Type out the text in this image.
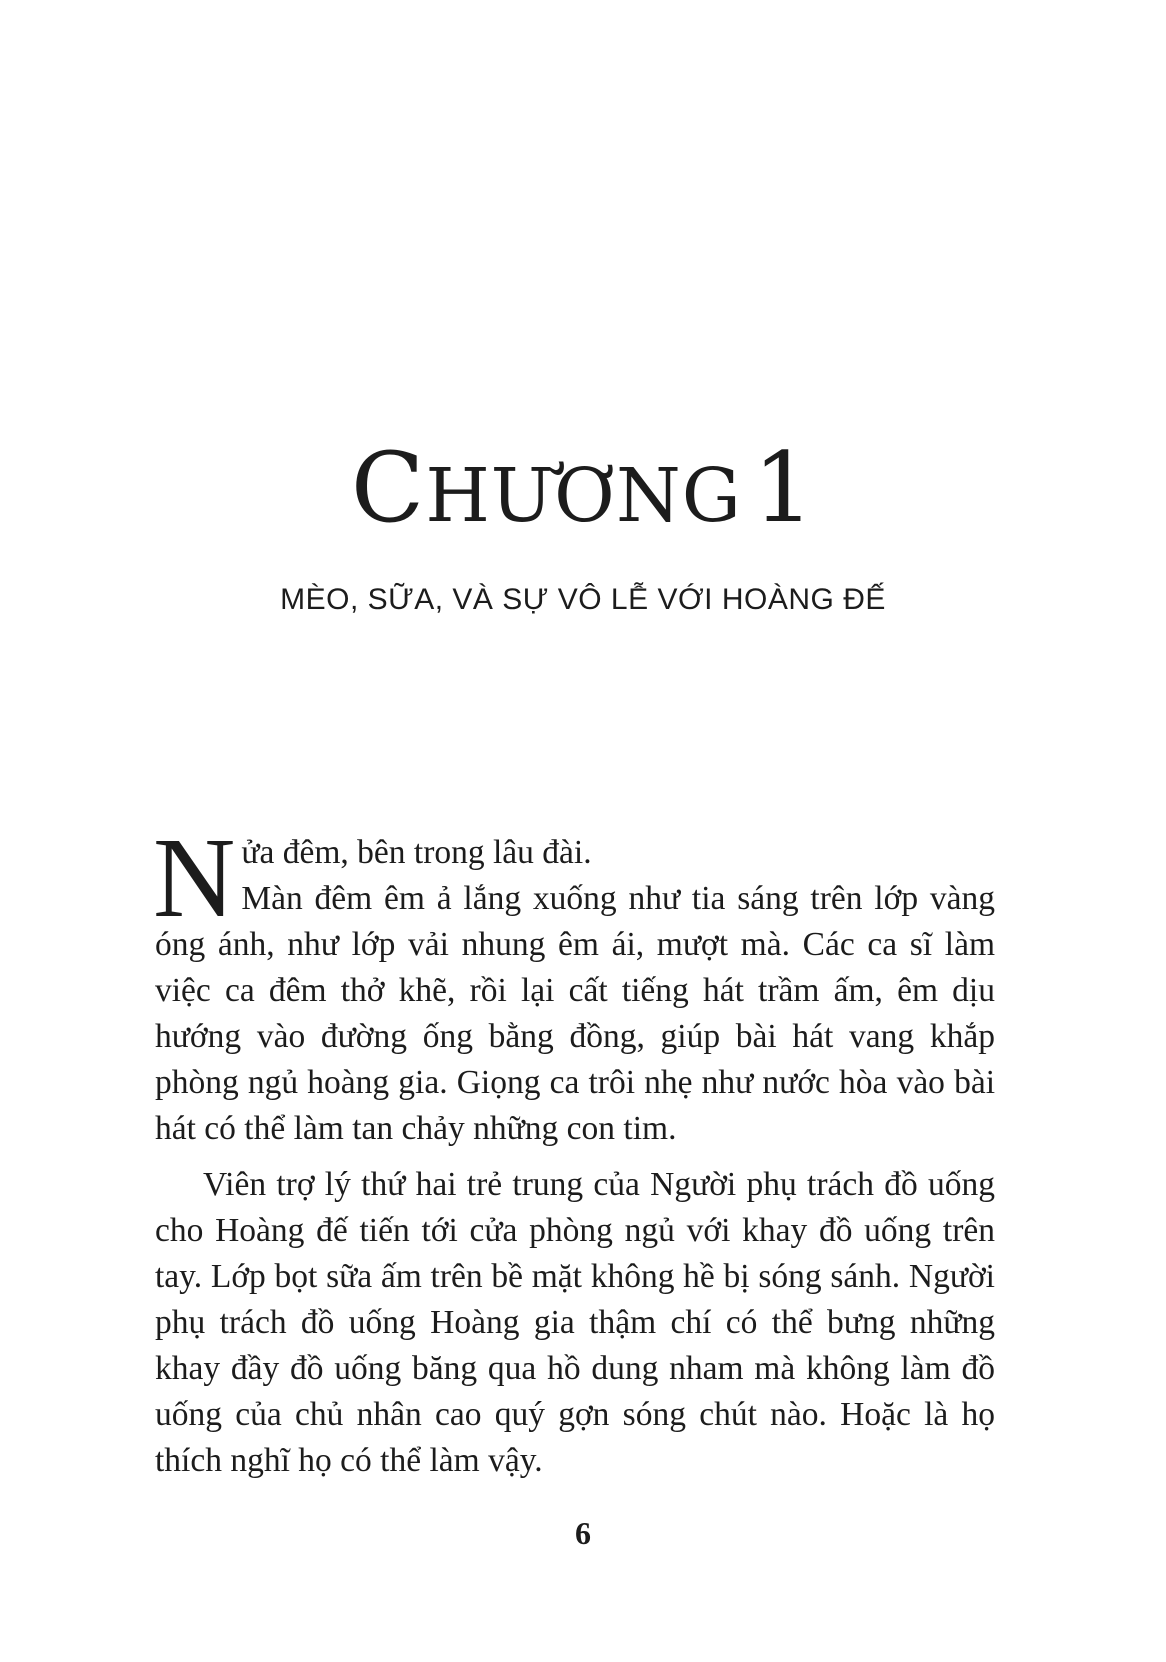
CHƯƠNG 1
MÈO, SỮA, VÀ SỰ VÔ LỄ VỚI HOÀNG ĐẾ

Nửa đêm, bên trong lâu đài.
Màn đêm êm ả lắng xuống như tia sáng trên lớp vàng óng ánh, như lớp vải nhung êm ái, mượt mà. Các ca sĩ làm việc ca đêm thở khẽ, rồi lại cất tiếng hát trầm ấm, êm dịu hướng vào đường ống bằng đồng, giúp bài hát vang khắp phòng ngủ hoàng gia. Giọng ca trôi nhẹ như nước hòa vào bài hát có thể làm tan chảy những con tim.

Viên trợ lý thứ hai trẻ trung của Người phụ trách đồ uống cho Hoàng đế tiến tới cửa phòng ngủ với khay đồ uống trên tay. Lớp bọt sữa ấm trên bề mặt không hề bị sóng sánh. Người phụ trách đồ uống Hoàng gia thậm chí có thể bưng những khay đầy đồ uống băng qua hồ dung nham mà không làm đồ uống của chủ nhân cao quý gợn sóng chút nào. Hoặc là họ thích nghĩ họ có thể làm vậy.

6
